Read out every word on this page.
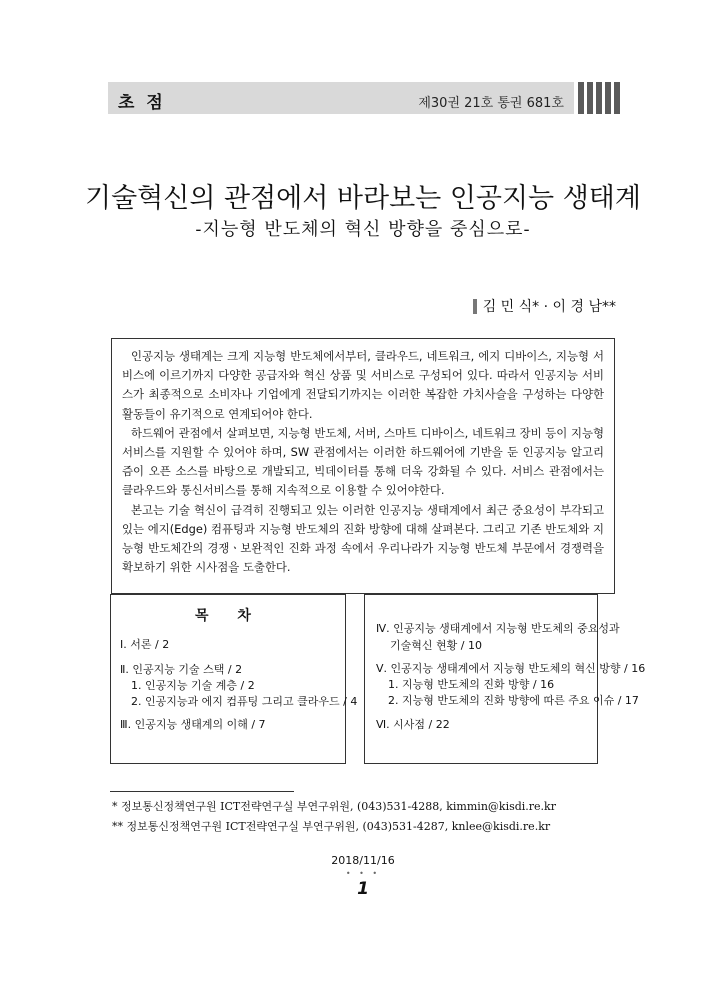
초 점	제30권 21호 통권 681호
기술혁신의 관점에서 바라보는 인공지능 생태계
-지능형 반도체의 혁신 방향을 중심으로-
김 민 식* · 이 경 남**

인공지능 생태계는 크게 지능형 반도체에서부터, 클라우드, 네트워크, 에지 디바이스, 지능형 서비스에 이르기까지 다양한 공급자와 혁신 상품 및 서비스로 구성되어 있다. 따라서 인공지능 서비스가 최종적으로 소비자나 기업에게 전달되기까지는 이러한 복잡한 가치사슬을 구성하는 다양한 활동들이 유기적으로 연계되어야 한다.

하드웨어 관점에서 살펴보면, 지능형 반도체, 서버, 스마트 디바이스, 네트워크 장비 등이 지능형 서비스를 지원할 수 있어야 하며, SW 관점에서는 이러한 하드웨어에 기반을 둔 인공지능 알고리즘이 오픈 소스를 바탕으로 개발되고, 빅데이터를 통해 더욱 강화될 수 있다. 서비스 관점에서는 클라우드와 통신서비스를 통해 지속적으로 이용할 수 있어야한다.

본고는 기술 혁신이 급격히 진행되고 있는 이러한 인공지능 생태계에서 최근 중요성이 부각되고 있는 에지(Edge) 컴퓨팅과 지능형 반도체의 진화 방향에 대해 살펴본다. 그리고 기존 반도체와 지능형 반도체간의 경쟁ㆍ보완적인 진화 과정 속에서 우리나라가 지능형 반도체 부문에서 경쟁력을 확보하기 위한 시사점을 도출한다.

목 차
Ⅰ. 서론 / 2
Ⅱ. 인공지능 기술 스택 / 2
1. 인공지능 기술 계층 / 2
2. 인공지능과 에지 컴퓨팅 그리고 클라우드 / 4
Ⅲ. 인공지능 생태계의 이해 / 7
Ⅳ. 인공지능 생태계에서 지능형 반도체의 중요성과
기술혁신 현황 / 10
Ⅴ. 인공지능 생태계에서 지능형 반도체의 혁신 방향 / 16
1. 지능형 반도체의 진화 방향 / 16
2. 지능형 반도체의 진화 방향에 따른 주요 이슈 / 17
Ⅵ. 시사점 / 22
* 정보통신정책연구원 ICT전략연구실 부연구위원, (043)531-4288, kimmin@kisdi.re.kr
** 정보통신정책연구원 ICT전략연구실 부연구위원, (043)531-4287, knlee@kisdi.re.kr
2018/11/16
• • •
1
